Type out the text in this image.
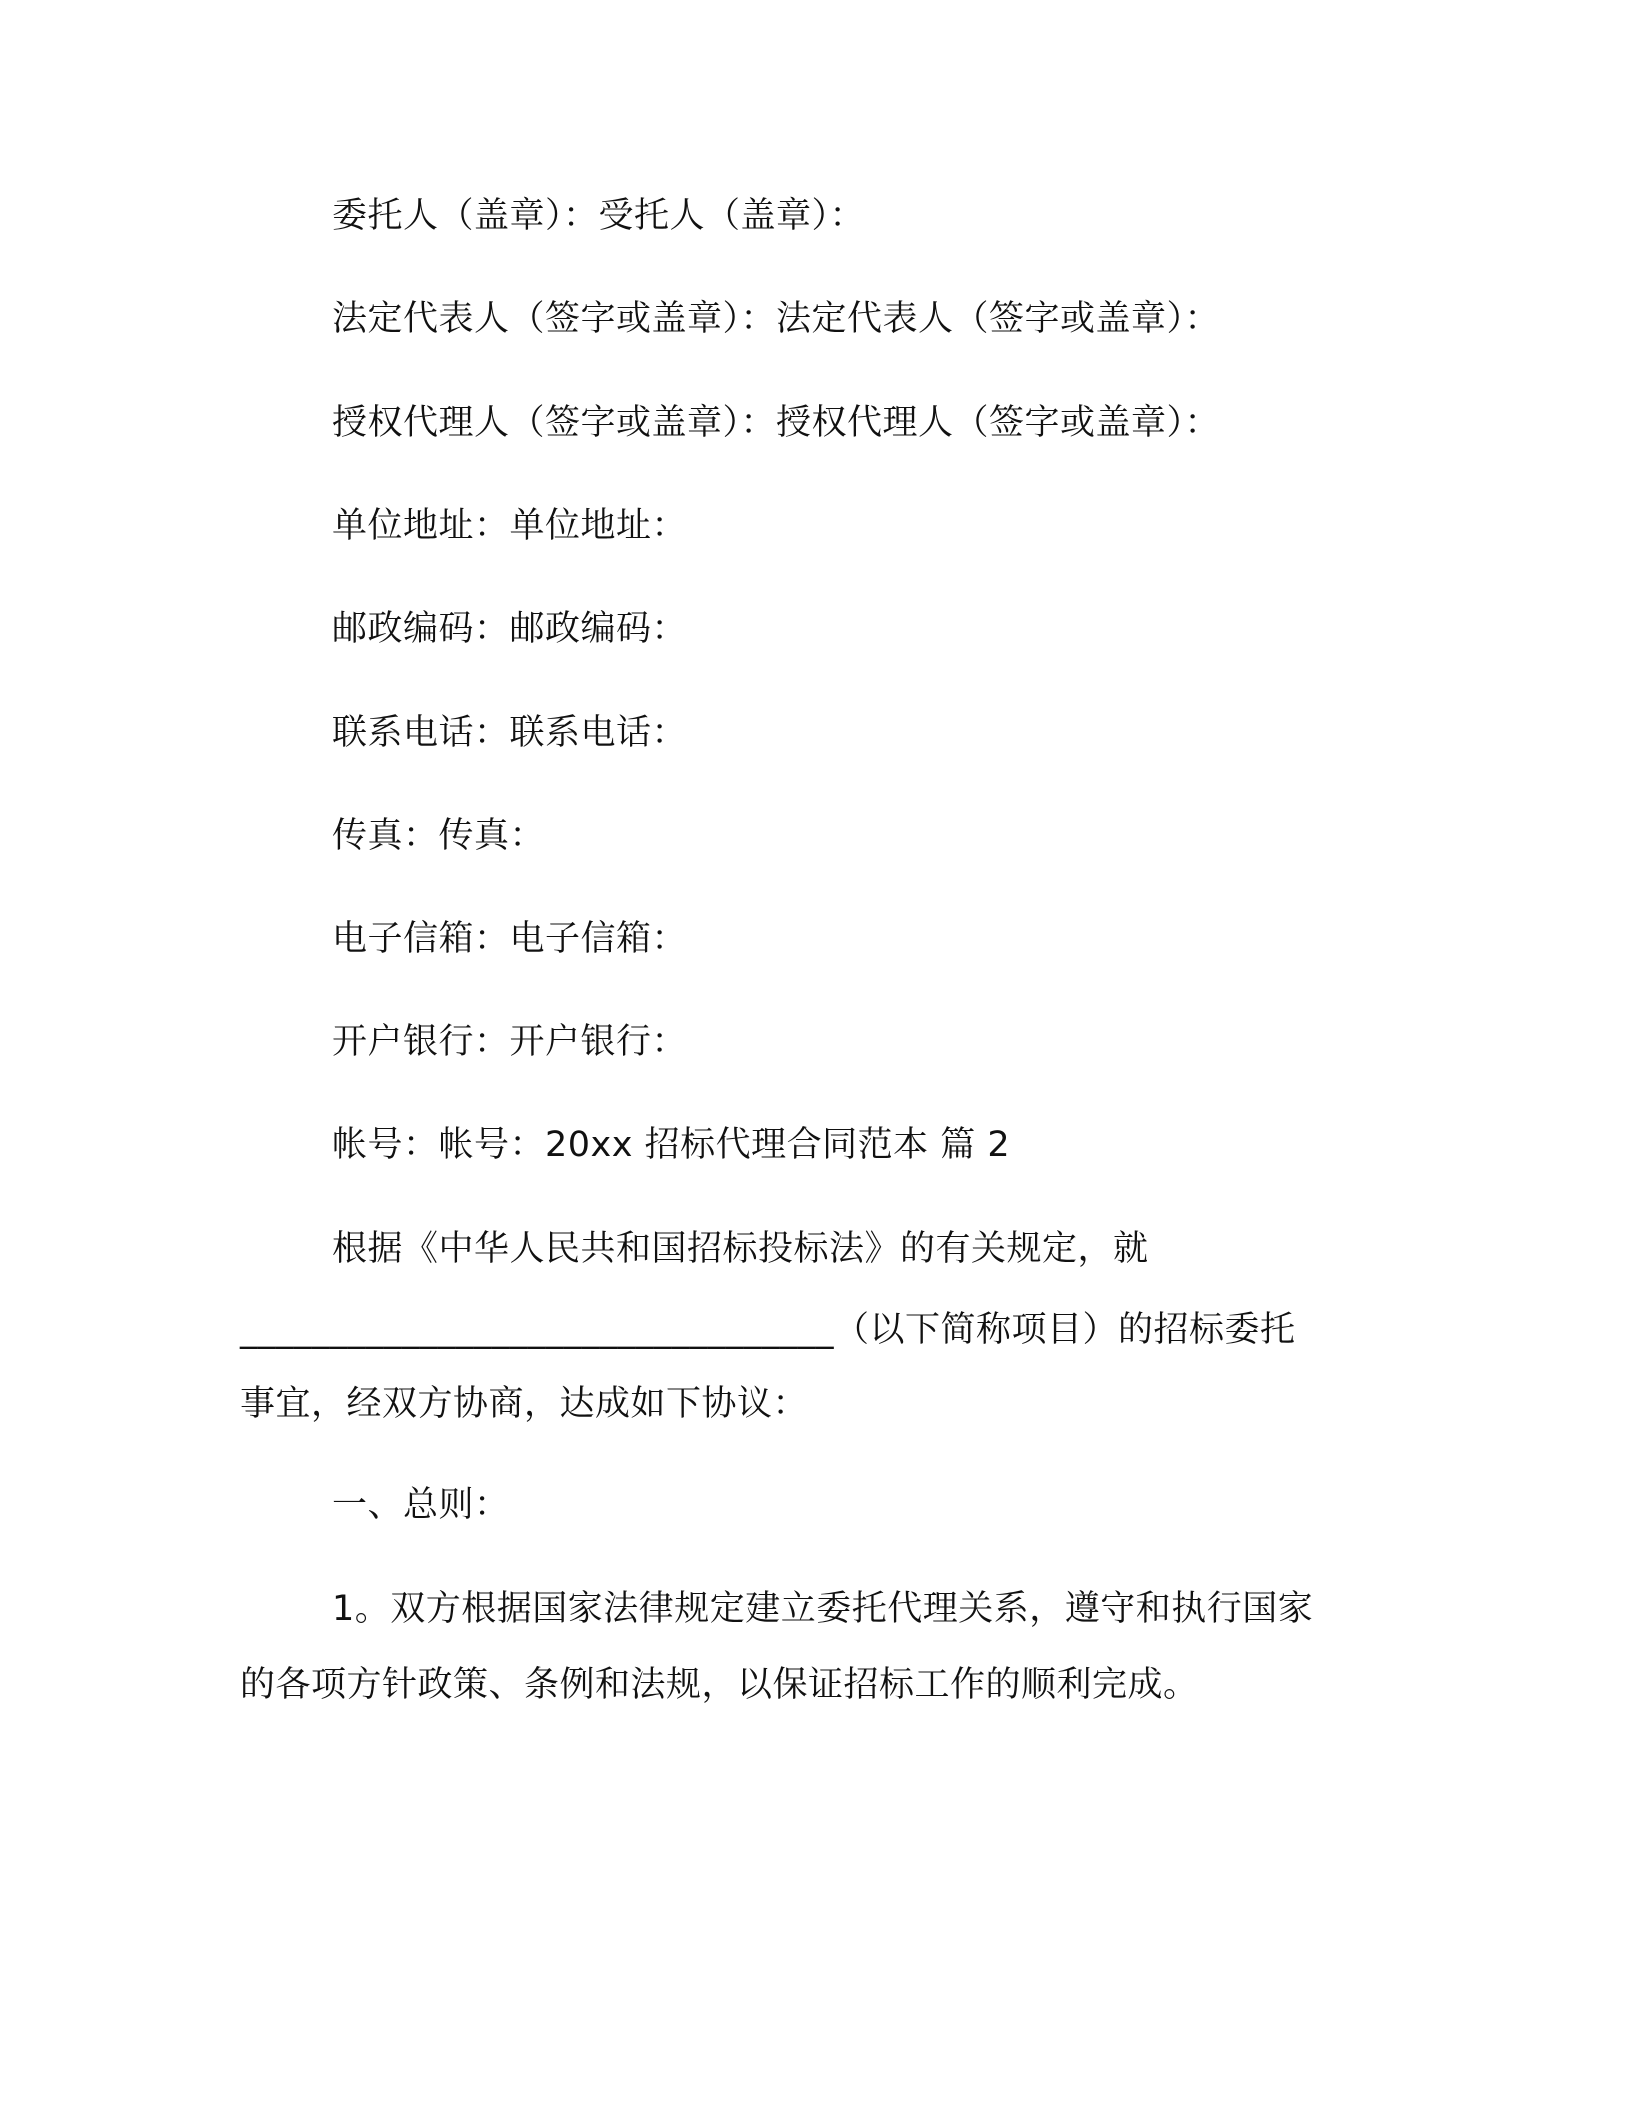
委托人（盖章）：受托人（盖章）：
法定代表人（签字或盖章）：法定代表人（签字或盖章）：
授权代理人（签字或盖章）：授权代理人（签字或盖章）：
单位地址：单位地址：
邮政编码：邮政编码：
联系电话：联系电话：
传真：传真：
电子信箱：电子信箱：
开户银行：开户银行：
帐号：帐号：20xx 招标代理合同范本 篇 2
根据《中华人民共和国招标投标法》的有关规定，就
_________________________________（以下简称项目）的招标委托
事宜，经双方协商，达成如下协议：
一、总则：
1。双方根据国家法律规定建立委托代理关系，遵守和执行国家
的各项方针政策、条例和法规，以保证招标工作的顺利完成。
